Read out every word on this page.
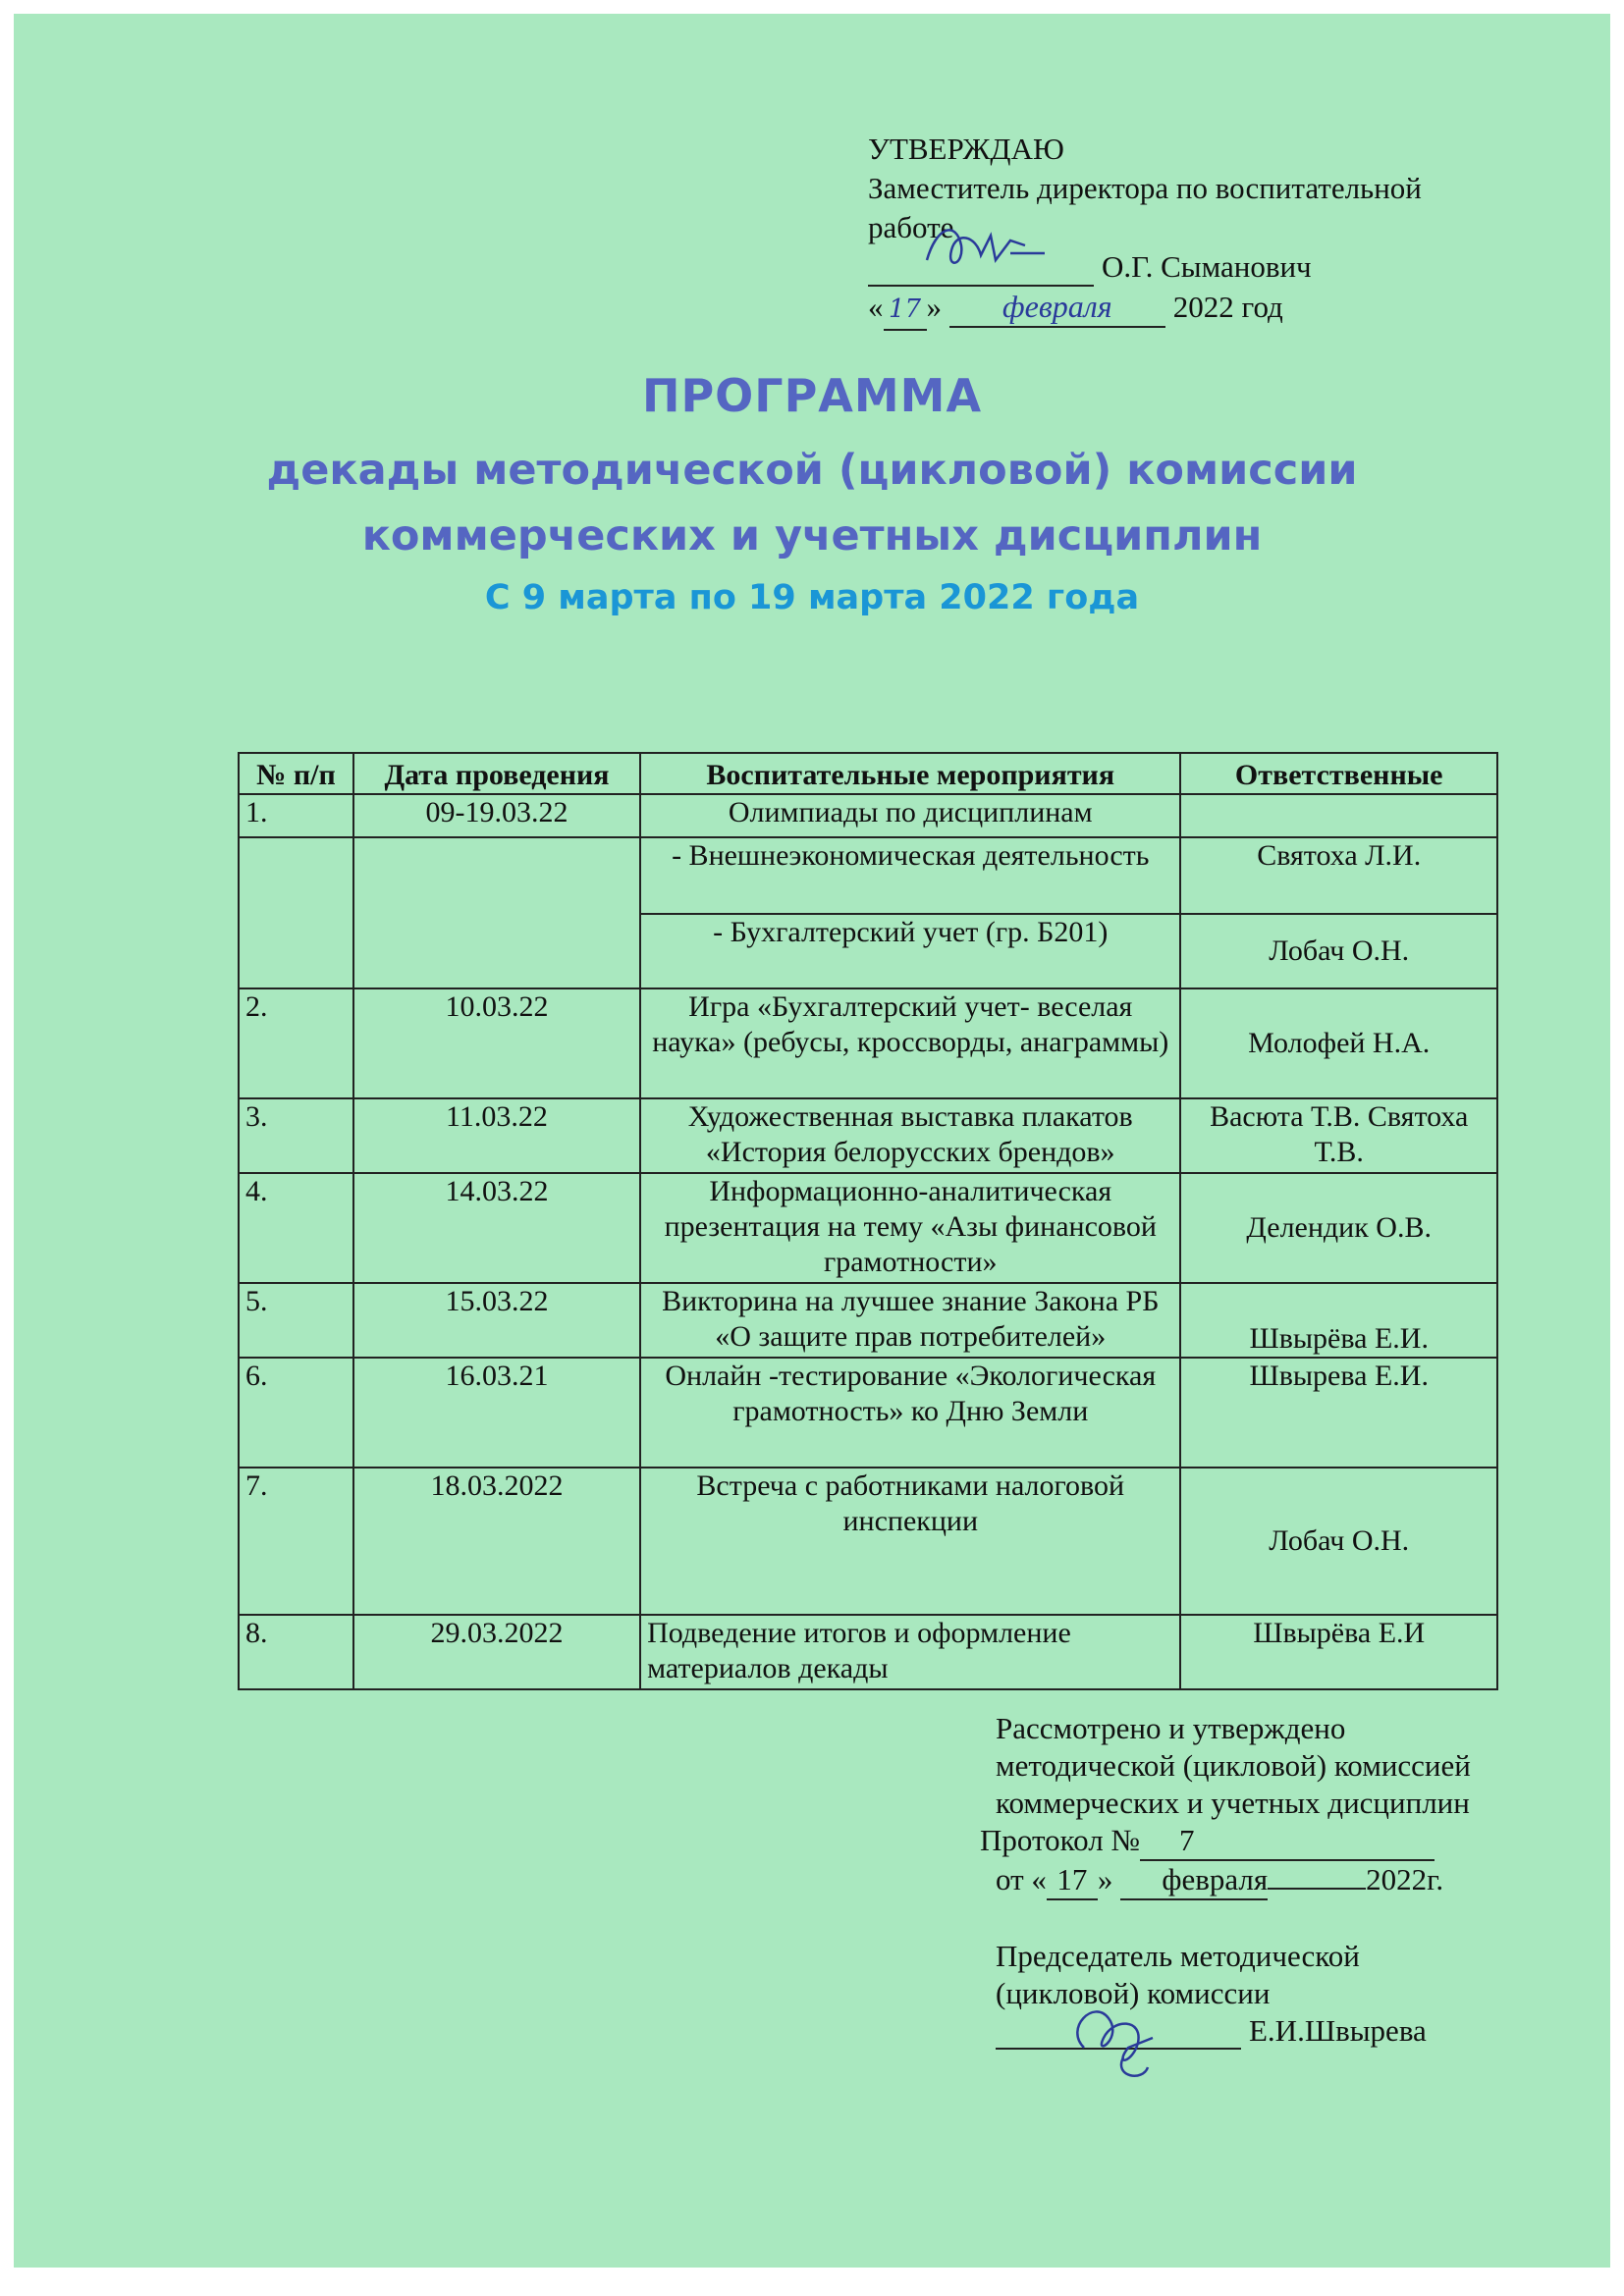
УТВЕРЖДАЮ
Заместитель директора по воспитательной
работе
О.Г. Сыманович
« 17 » февраля 2022 год
ПРОГРАММА
декады методической (цикловой) комиссии
коммерческих и учетных дисциплин
С 9 марта по 19 марта 2022 года
№ п/п	Дата проведения	Воспитательные мероприятия	Ответственные
1.	09-19.03.22	Олимпиады по дисциплинам	
		- Внешнеэкономическая деятельность	Святоха Л.И.
		- Бухгалтерский учет (гр. Б201)	Лобач О.Н.
2.	10.03.22	Игра «Бухгалтерский учет- веселая наука» (ребусы, кроссворды, анаграммы)	Молофей Н.А.
3.	11.03.22	Художественная выставка плакатов «История белорусских брендов»	Васюта Т.В. Святоха Т.В.
4.	14.03.22	Информационно-аналитическая презентация на тему «Азы финансовой грамотности»	Делендик О.В.
5.	15.03.22	Викторина на лучшее знание Закона РБ «О защите прав потребителей»	Швырёва Е.И.
6.	16.03.21	Онлайн -тестирование «Экологическая грамотность» ко Дню Земли	Швырева Е.И.
7.	18.03.2022	Встреча с работниками налоговой инспекции	Лобач О.Н.
8.	29.03.2022	Подведение итогов и оформление материалов декады	Швырёва Е.И
Рассмотрено и утверждено
методической (цикловой) комиссией
коммерческих и учетных дисциплин
Протокол № 7
от « 17 » февраля	2022г.
Председатель методической
(цикловой) комиссии
Е.И.Швырева
